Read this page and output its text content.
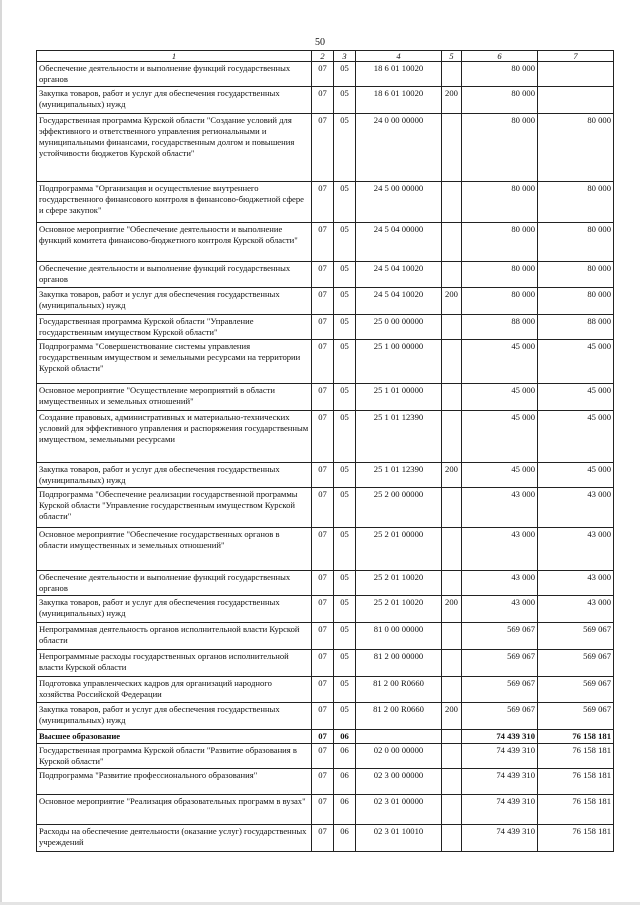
50
1	2	3	4	5	6	7
Обеспечение деятельности и выполнение функций государственных органов	07	05	18 6 01 10020		80 000	
Закупка товаров, работ и услуг для обеспечения государственных (муниципальных) нужд	07	05	18 6 01 10020	200	80 000	
Государственная программа Курской области "Создание условий для эффективного и ответственного управления региональными и муниципальными финансами, государственным долгом и повышения устойчивости бюджетов Курской области"	07	05	24 0 00 00000		80 000	80 000
Подпрограмма "Организация и осуществление внутреннего государственного финансового контроля в финансово-бюджетной сфере и сфере закупок"	07	05	24 5 00 00000		80 000	80 000
Основное мероприятие "Обеспечение деятельности и выполнение функций комитета финансово-бюджетного контроля Курской области"	07	05	24 5 04 00000		80 000	80 000
Обеспечение деятельности и выполнение функций государственных органов	07	05	24 5 04 10020		80 000	80 000
Закупка товаров, работ и услуг для обеспечения государственных (муниципальных) нужд	07	05	24 5 04 10020	200	80 000	80 000
Государственная программа Курской области "Управление государственным имуществом Курской области"	07	05	25 0 00 00000		88 000	88 000
Подпрограмма "Совершенствование системы управления государственным имуществом и земельными ресурсами на территории Курской области"	07	05	25 1 00 00000		45 000	45 000
Основное мероприятие "Осуществление мероприятий в области имущественных и земельных отношений"	07	05	25 1 01 00000		45 000	45 000
Создание правовых, административных и материально-технических условий для эффективного управления и распоряжения государственным имуществом, земельными ресурсами	07	05	25 1 01 12390		45 000	45 000
Закупка товаров, работ и услуг для обеспечения государственных (муниципальных) нужд	07	05	25 1 01 12390	200	45 000	45 000
Подпрограмма "Обеспечение реализации государственной программы Курской области "Управление государственным имуществом Курской области"	07	05	25 2 00 00000		43 000	43 000
Основное мероприятие "Обеспечение государственных органов в области имущественных и земельных отношений"	07	05	25 2 01 00000		43 000	43 000
Обеспечение деятельности и выполнение функций государственных органов	07	05	25 2 01 10020		43 000	43 000
Закупка товаров, работ и услуг для обеспечения государственных (муниципальных) нужд	07	05	25 2 01 10020	200	43 000	43 000
Непрограммная деятельность органов исполнительной власти Курской области	07	05	81 0 00 00000		569 067	569 067
Непрограммные расходы государственных органов исполнительной власти Курской области	07	05	81 2 00 00000		569 067	569 067
Подготовка управленческих кадров для организаций народного хозяйства Российской Федерации	07	05	81 2 00 R0660		569 067	569 067
Закупка товаров, работ и услуг для обеспечения государственных (муниципальных) нужд	07	05	81 2 00 R0660	200	569 067	569 067
Высшее образование	07	06			74 439 310	76 158 181
Государственная программа Курской области "Развитие образования в Курской области"	07	06	02 0 00 00000		74 439 310	76 158 181
Подпрограмма "Развитие профессионального образования"	07	06	02 3 00 00000		74 439 310	76 158 181
Основное мероприятие "Реализация образовательных программ в вузах"	07	06	02 3 01 00000		74 439 310	76 158 181
Расходы на обеспечение деятельности (оказание услуг) государственных учреждений	07	06	02 3 01 10010		74 439 310	76 158 181
